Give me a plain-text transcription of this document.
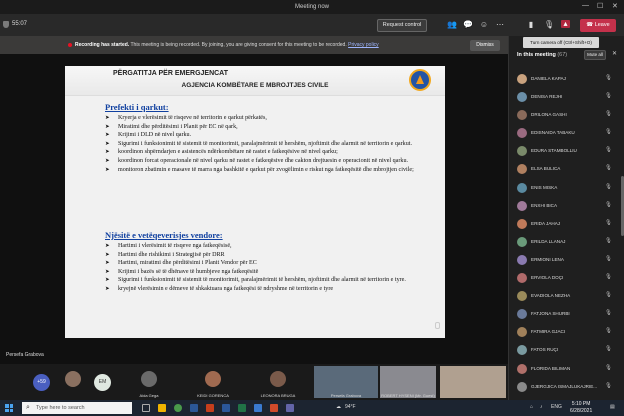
Meeting now	— ☐ ✕
55:07	Request control	👥 💬 ☺ ⋯	▮	🎙	▴	☎ Leave
Recording has started. This meeting is being recorded. By joining, you are giving consent for this meeting to be recorded. Privacy policy	Dismiss
PËRGATITJA PËR EMERGJENCAT
AGJENCIA KOMBËTARE E MBROJTJES CIVILE
Prefekti i qarkut:
➤ Kryerja e vlerësimit të risqeve në territorin e qarkut përkatës,
➤ Miratimi dhe përditësimi i Planit për EC në qark,
➤ Krijimi i DLD në nivel qarku.
➤ Sigurimi i funksionimit të sistemit të monitorimit, paralajmërimit të hershëm, njoftimit dhe alarmit në territorin e qarkut.
➤ koordinon shpërndarjen e asistencës ndërkombëtare në rastet e fatkeqësive në nivel qarku;
➤ koordinon forcat operacionale në nivel qarku në rastet e fatkeqësive dhe cakton drejtuesin e operacionit në nivel qarku.
➤ monitoron zbatimin e masave të marra nga bashkitë e qarkut për zvogëlimin e riskut nga fatkeqësitë dhe mbrojtjen civile;
Njësitë e vetëqeverisjes vendore:
➤ Hartimi i vlerësimit të risqeve nga fatkeqësisë,
➤ Hartimi dhe rishikimi i Strategjisë për DRR
➤ Hartimi, miratimi dhe përditësimi i Planit Vendor për EC
➤ Krijimi i bazës së të dhënave të humbjeve nga fatkeqësitë
➤ Sigurimi i funksionimit të sistemit të monitorimit, paralajmërimit të hershëm, njoftimit dhe alarmit në territorin e tyre.
➤ kryejnë vlerësimin e dëmeve të shkaktuara nga fatkeqësi të ndryshme në territorin e tyre
Persefa Grabova
Turn camera off (Ctrl+Shift+O)
In this meeting (67)	Mute all	✕
DANIELA KAPAJ	🎙
DENISA REJHI	🎙
DRILONA GASHI	🎙
EDISNAIDA TABAKU	🎙
EDURA STAMBOLLIU	🎙
ELSA BULICA	🎙
ENIS MISKA	🎙
ENXHI BICA	🎙
ERIDA JAHAJ	🎙
ERILDA LLANAJ	🎙
ERMIONI LENA	🎙
ERVIOLA DOÇI	🎙
EVADIOLA NEZHA	🎙
FATJONA SHURBI	🎙
FATMIRA GJACI	🎙
FATOS RUÇI	🎙
FLORIDA BILIMAN	🎙
GJERGJICA ISMAJLUKAJRIE... 🎙
+59	EM
Aida Gega	KEIDI GORENCA	LEONORA BRUGA	Persefa Grabova	ROBERT HYSENI (Mr. Guest)
⌕ Type here to search	☁ 94°F	⌂ ♪ ENG	5:10 PM
6/28/2021
▤
